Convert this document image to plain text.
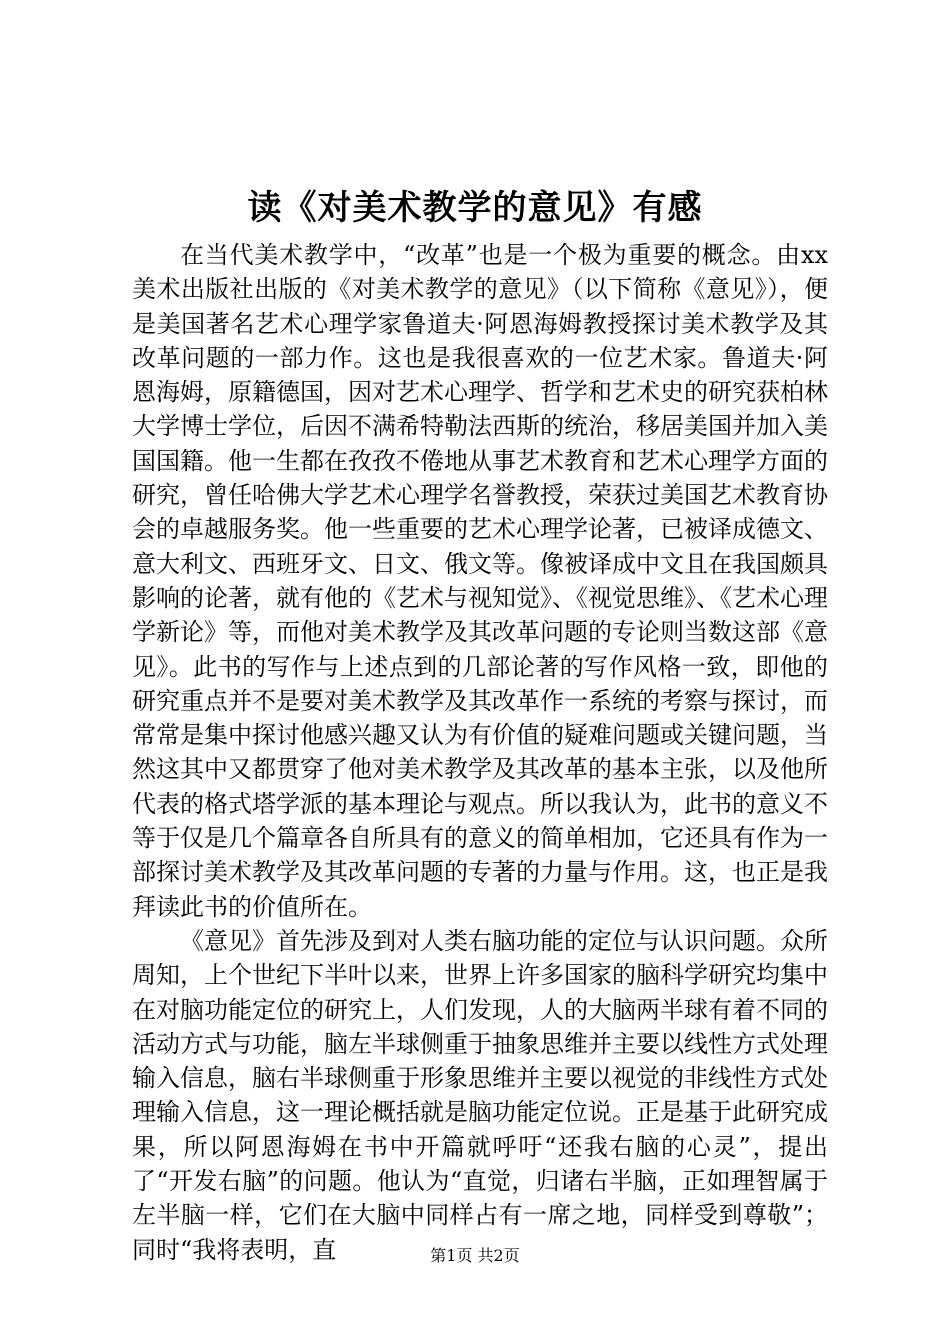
读《对美术教学的意见》有感

在当代美术教学中，“改革”也是一个极为重要的概念。由xx美术出版社出版的《对美术教学的意见》（以下简称《意见》），便是美国著名艺术心理学家鲁道夫·阿恩海姆教授探讨美术教学及其改革问题的一部力作。这也是我很喜欢的一位艺术家。鲁道夫·阿恩海姆，原籍德国，因对艺术心理学、哲学和艺术史的研究获柏林大学博士学位，后因不满希特勒法西斯的统治，移居美国并加入美国国籍。他一生都在孜孜不倦地从事艺术教育和艺术心理学方面的研究，曾任哈佛大学艺术心理学名誉教授，荣获过美国艺术教育协会的卓越服务奖。他一些重要的艺术心理学论著，已被译成德文、意大利文、西班牙文、日文、俄文等。像被译成中文且在我国颇具影响的论著，就有他的《艺术与视知觉》、《视觉思维》、《艺术心理学新论》等，而他对美术教学及其改革问题的专论则当数这部《意见》。此书的写作与上述点到的几部论著的写作风格一致，即他的研究重点并不是要对美术教学及其改革作一系统的考察与探讨，而常常是集中探讨他感兴趣又认为有价值的疑难问题或关键问题，当然这其中又都贯穿了他对美术教学及其改革的基本主张，以及他所代表的格式塔学派的基本理论与观点。所以我认为，此书的意义不等于仅是几个篇章各自所具有的意义的简单相加，它还具有作为一部探讨美术教学及其改革问题的专著的力量与作用。这，也正是我拜读此书的价值所在。

《意见》首先涉及到对人类右脑功能的定位与认识问题。众所周知，上个世纪下半叶以来，世界上许多国家的脑科学研究均集中在对脑功能定位的研究上，人们发现，人的大脑两半球有着不同的活动方式与功能，脑左半球侧重于抽象思维并主要以线性方式处理输入信息，脑右半球侧重于形象思维并主要以视觉的非线性方式处理输入信息，这一理论概括就是脑功能定位说。正是基于此研究成果，所以阿恩海姆在书中开篇就呼吁“还我右脑的心灵”，提出了“开发右脑”的问题。他认为“直觉，归诸右半脑，正如理智属于左半脑一样，它们在大脑中同样占有一席之地，同样受到尊敬”；同时“我将表明，直	第1页 共2页
